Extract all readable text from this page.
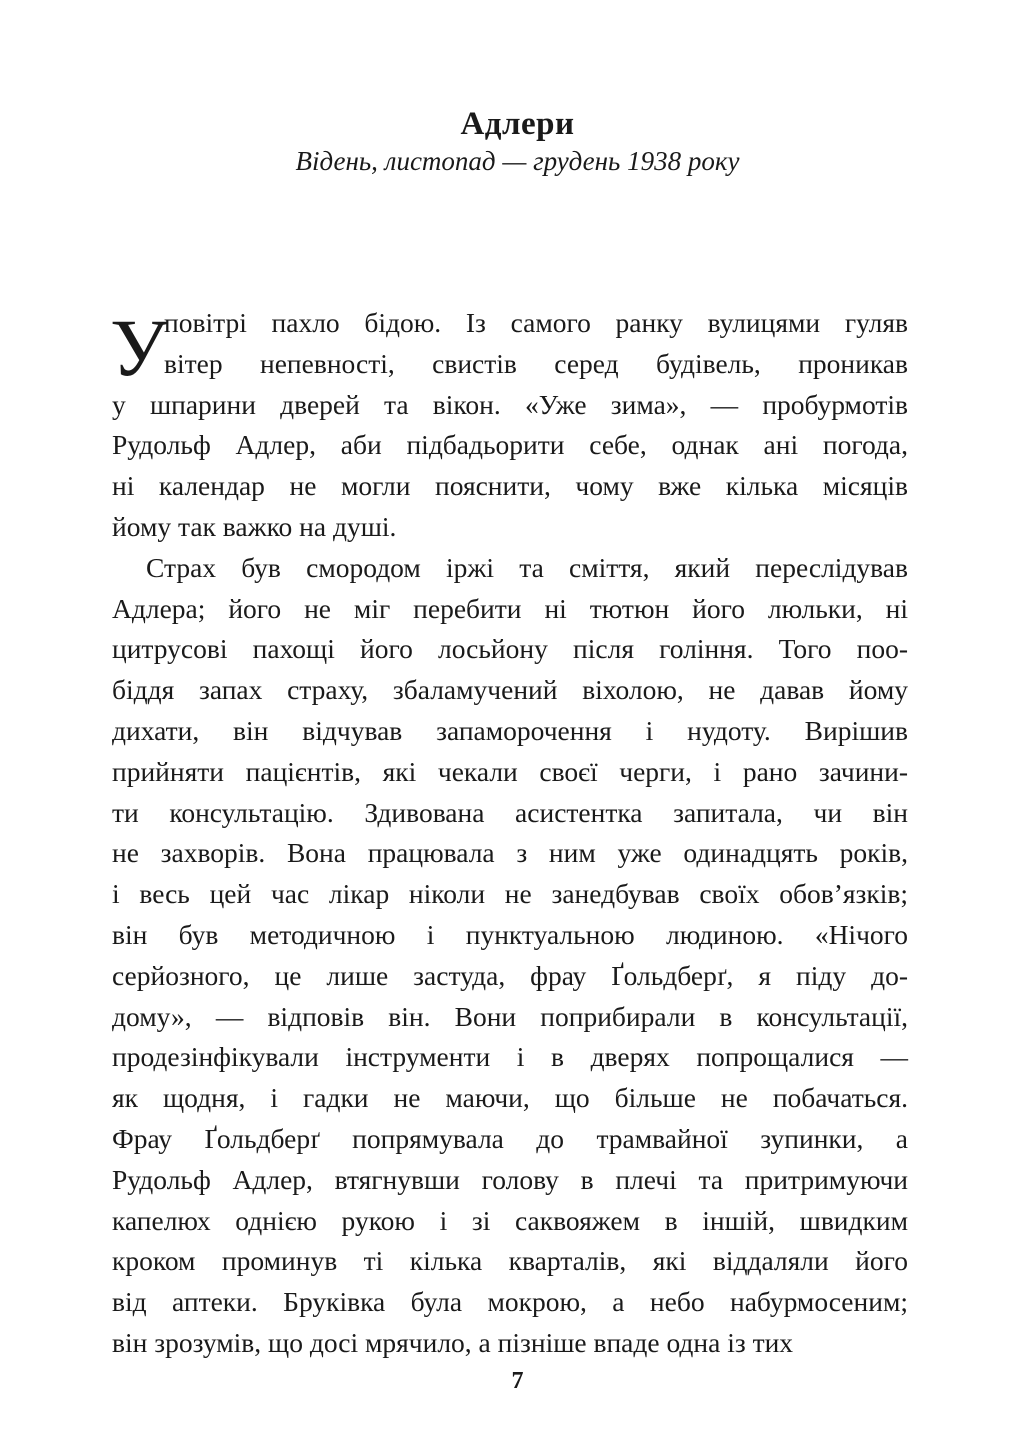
Адлери
Відень, листопад — грудень 1938 року
У
повітрі пахло бідою. Із самого ранку вулицями гуляв
вітер непевності, свистів серед будівель, проникав
у шпарини дверей та вікон. «Уже зима», — пробурмотів
Рудольф Адлер, аби підбадьорити себе, однак ані погода,
ні календар не могли пояснити, чому вже кілька місяців
йому так важко на душі.
Страх був смородом іржі та сміття, який переслідував
Адлера; його не міг перебити ні тютюн його люльки, ні
цитрусові пахощі його лосьйону після гоління. Того поо-
біддя запах страху, збаламучений віхолою, не давав йому
дихати, він відчував запаморочення і нудоту. Вирішив
прийняти пацієнтів, які чекали своєї черги, і рано зачини-
ти консультацію. Здивована асистентка запитала, чи він
не захворів. Вона працювала з ним уже одинадцять років,
і весь цей час лікар ніколи не занедбував своїх обов’язків;
він був методичною і пунктуальною людиною. «Нічого
серйозного, це лише застуда, фрау Ґольдберґ, я піду до-
дому», — відповів він. Вони поприбирали в консультації,
продезінфікували інструменти і в дверях попрощалися —
як щодня, і гадки не маючи, що більше не побачаться.
Фрау Ґольдберґ попрямувала до трамвайної зупинки, а
Рудольф Адлер, втягнувши голову в плечі та притримуючи
капелюх однією рукою і зі саквояжем в іншій, швидким
кроком проминув ті кілька кварталів, які віддаляли його
від аптеки. Бруківка була мокрою, а небо набурмосеним;
він зрозумів, що досі мрячило, а пізніше впаде одна із тих
7
